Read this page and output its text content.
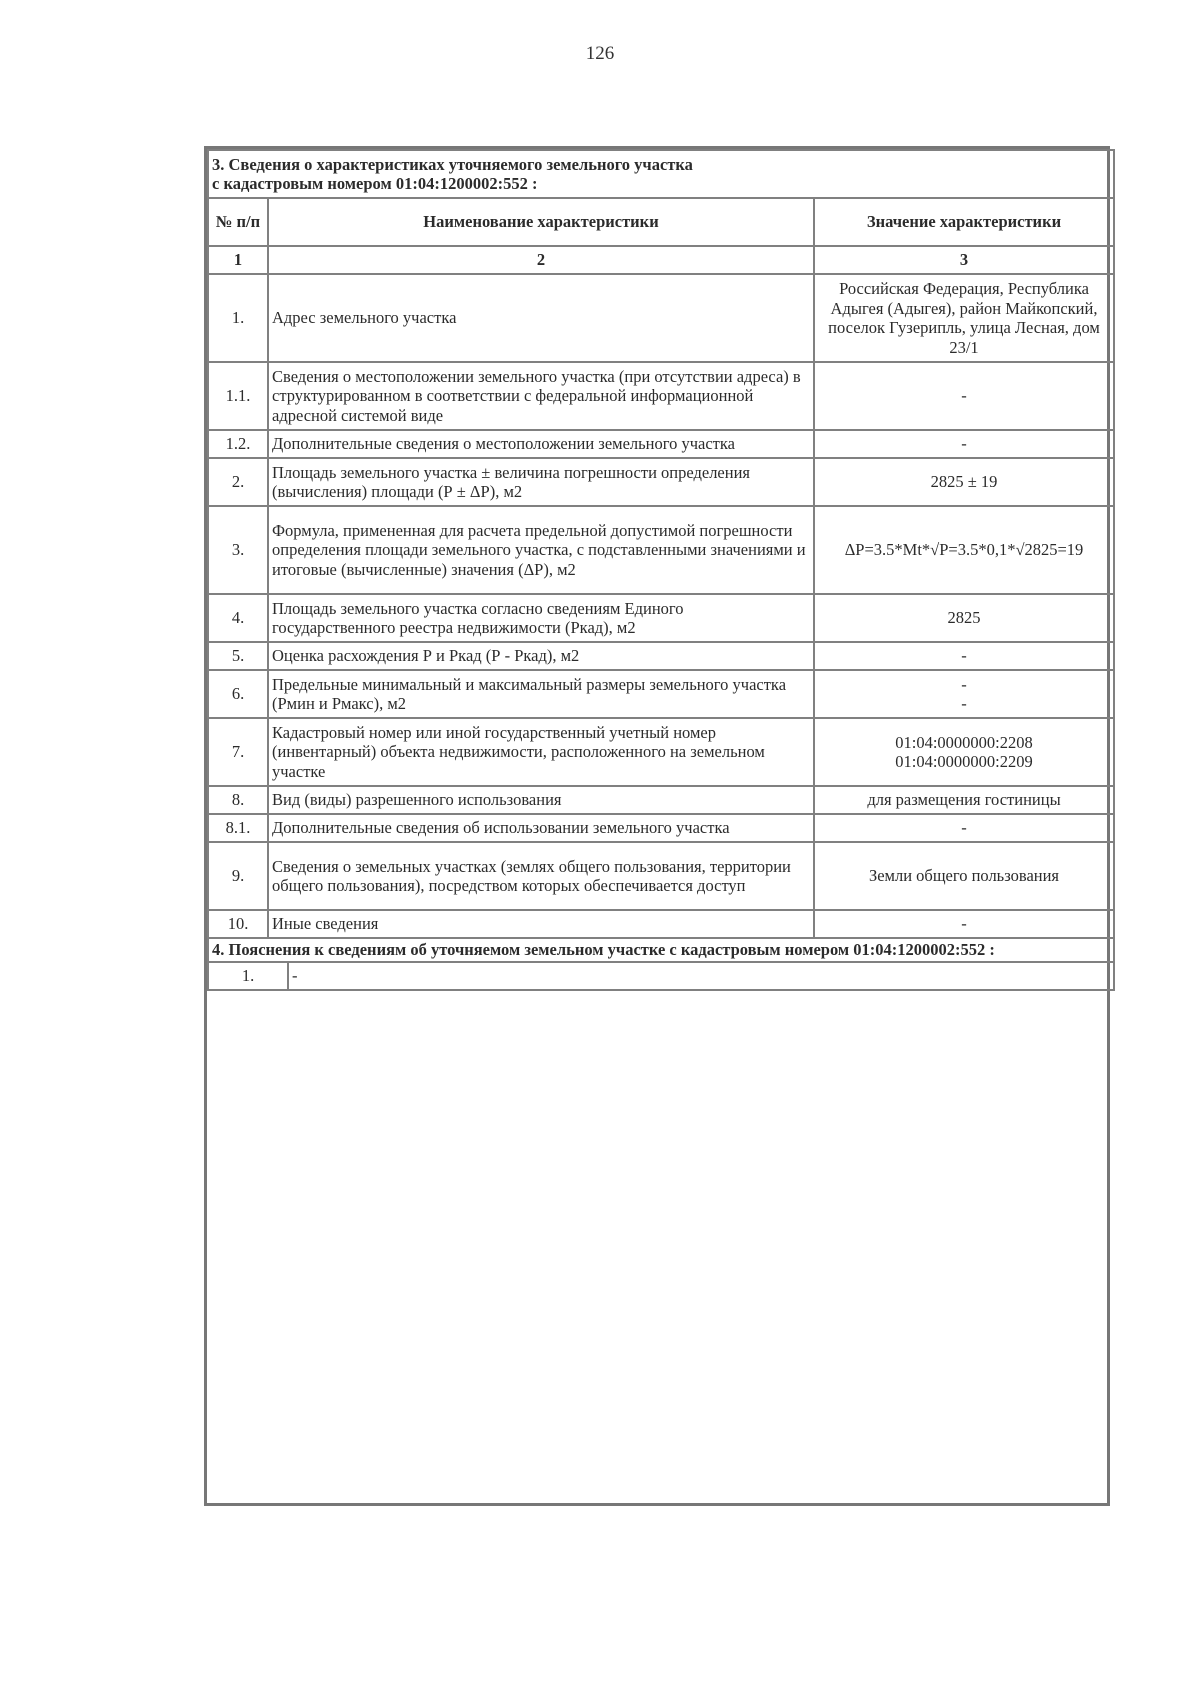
126
3. Сведения о характеристиках уточняемого земельного участка
с кадастровым номером 01:04:1200002:552 :		

№ п/п	Наименование характеристики	Значение характеристики
1	2	3
1.	Адрес земельного участка	Российская Федерация, Республика Адыгея (Адыгея), район Майкопский, поселок Гузерипль, улица Лесная, дом 23/1
1.1.	Сведения о местоположении земельного участка (при отсутствии адреса) в структурированном в соответствии с федеральной информационной адресной системой виде	-
1.2.	Дополнительные сведения о местоположении земельного участка	-
2.	Площадь земельного участка ± величина погрешности определения (вычисления) площади (Р ± ΔР), м2	2825 ± 19
3.	Формула, примененная для расчета предельной допустимой погрешности определения площади земельного участка, с подставленными значениями и итоговые (вычисленные) значения (ΔР), м2	ΔР=3.5*Mt*√P=3.5*0,1*√2825=19
4.	Площадь земельного участка согласно сведениям Единого государственного реестра недвижимости (Ркад), м2	2825
5.	Оценка расхождения Р и Ркад (Р - Ркад), м2	-
6.	Предельные минимальный и максимальный размеры земельного участка (Рмин и Рмакс), м2	-
-

7.	Кадастровый номер или иной государственный учетный номер (инвентарный) объекта недвижимости, расположенного на земельном участке	01:04:0000000:2208
01:04:0000000:2209

8.	Вид (виды) разрешенного использования	для размещения гостиницы
8.1.	Дополнительные сведения об использовании земельного участка	-
9.	Сведения о земельных участках (землях общего пользования, территории общего пользования), посредством которых обеспечивается доступ	Земли общего пользования
10.	Иные сведения	-
4. Пояснения к сведениям об уточняемом земельном участке с кадастровым номером 01:04:1200002:552 :		
1.	-
